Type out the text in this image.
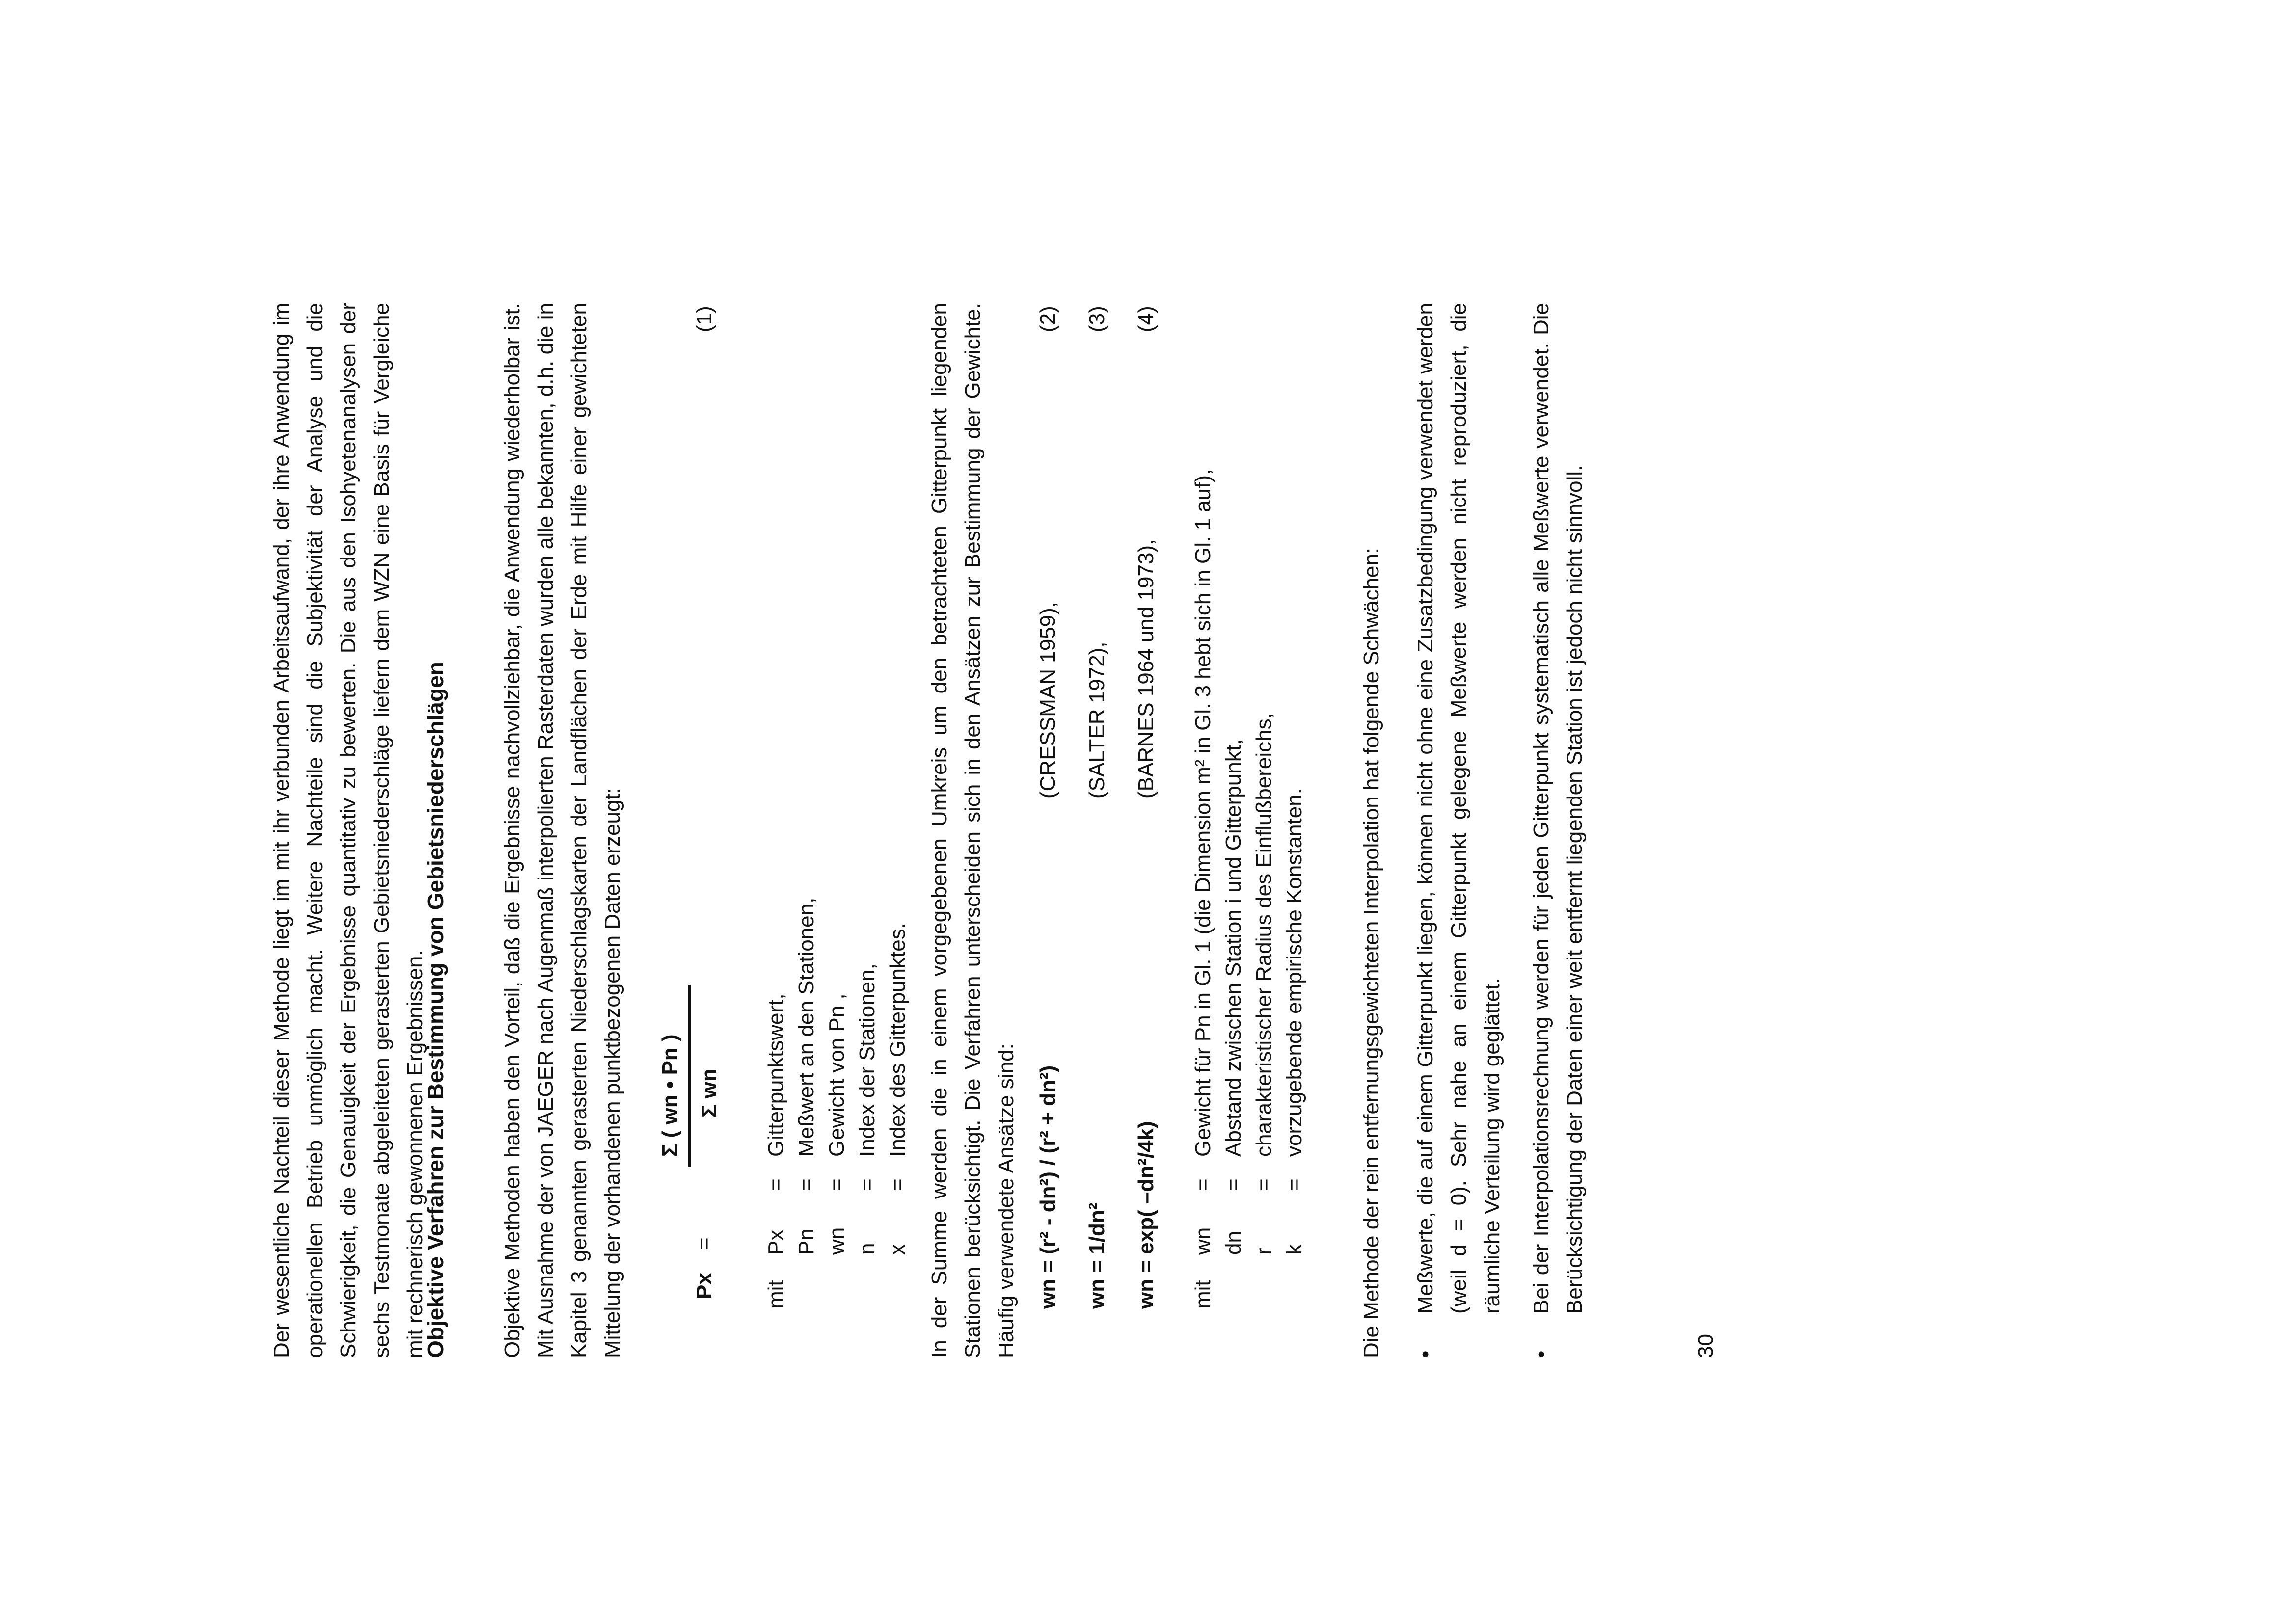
Der wesentliche Nachteil dieser Methode liegt im mit ihr verbunden Arbeitsaufwand, der ihre Anwendung im operationellen Betrieb unmöglich macht. Weitere Nachteile sind die Subjektivität der Analyse und die Schwierigkeit, die Genauigkeit der Ergebnisse quantitativ zu bewerten. Die aus den Isohyetenanalysen der sechs Testmonate abgeleiteten gerasterten Gebietsniederschläge liefern dem WZN eine Basis für Vergleiche mit rechnerisch gewonnenen Ergebnissen.

Objektive Verfahren zur Bestimmung von Gebietsniederschlägen Objektive Methoden haben den Vorteil, daß die Ergebnisse nachvollziehbar, die Anwendung wiederholbar ist. Mit Ausnahme der von JAEGER nach Augenmaß interpolierten Rasterdaten wurden alle bekannten, d.h. die in Kapitel 3 genannten gerasterten Niederschlagskarten der Landflächen der Erde mit Hilfe einer gewichteten Mittelung der vorhandenen punktbezogenen Daten erzeugt:	Px
=
Σ ( wn • Pn ) Σ wn
(1)
mit
Px
=
Gitterpunktswert,
Pn
=
Meßwert an den Stationen,
wn
=
Gewicht von Pn ,
n
=
Index der Stationen,
x
=
Index des Gitterpunktes. In der Summe werden die in einem vorgegebenen Umkreis um den betrachteten Gitterpunkt liegenden Stationen berücksichtigt. Die Verfahren unterscheiden sich in den Ansätzen zur Bestimmung der Gewichte. Häufig verwendete Ansätze sind: wn = (r² - dn²) / (r² + dn²)
(CRESSMAN 1959),
(2)
wn = 1/dn²
(SALTER 1972),
(3)
wn = exp( –dn²/4k)
(BARNES 1964 und 1973),
(4)
mit
wn
=
Gewicht für Pn in Gl. 1 (die Dimension m² in Gl. 3 hebt sich in Gl. 1 auf),
dn
=
Abstand zwischen Station i und Gitterpunkt,
r
=
charakteristischer Radius des Einflußbereichs,
k
=
vorzugebende empirische Konstanten. Die Methode der rein entfernungsgewichteten Interpolation hat folgende Schwächen: •
Meßwerte, die auf einem Gitterpunkt liegen, können nicht ohne eine Zusatzbedingung verwendet werden (weil d = 0). Sehr nahe an einem Gitterpunkt gelegene Meßwerte werden nicht reproduziert, die räumliche Verteilung wird geglättet.
•
Bei der Interpolationsrechnung werden für jeden Gitterpunkt systematisch alle Meßwerte verwendet. Die Berücksichtigung der Daten einer weit entfernt liegenden Station ist jedoch nicht sinnvoll.
30
